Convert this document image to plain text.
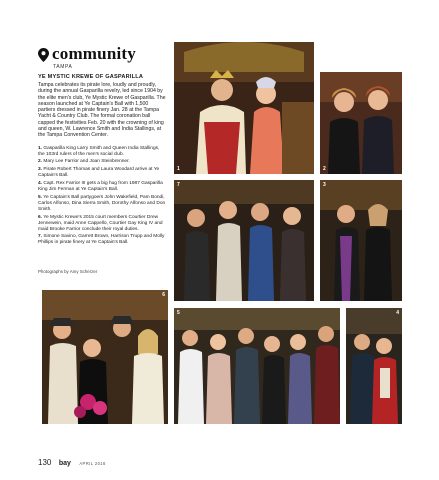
community
TAMPA
YE MYSTIC KREWE OF GASPARILLA
Tampa celebrates its pirate lore, loudly and proudly, during the annual Gasparilla revelry, led since 1904 by the elite men's club, Ye Mystic Krewe of Gasparilla. The season launched at Ye Captain's Ball with 1,500 partiers dressed in pirate finery Jan. 28 at the Tampa Yacht & Country Club. The formal coronation ball capped the festivities Feb. 20 with the crowning of king and queen, W. Lawrence Smith and India Stallings, at the Tampa Convention Center.
1. Gasparilla King Larry Smith and Queen India Stallings, the 103rd rulers of the men's social club.
2. Mary Lee Farrior and Joan Steinbrenner.
3. Pirate Robert Thomas and Laura Woodard arrive at Ye Captain's Ball.
4. Capt. Rex Farrior III gets a big hug from 1987 Gasparilla King Jim Ferman at Ye Captain's Ball.
5. Ye Captain's Ball partygoers John Wakefield, Pam Bondi, Carlos Alfonso, Dina Sierra Smith, Dorothy Alfonso and Don Smith.
6. Ye Mystic Krewe's 2015 court members Courtier Drew Jennewein, maid Anne Cappello, Courtier Gay King IV and maid Brooke Farrior conclude their royal duties.
7. Simone Savino, Garrett Brown, Harrison Trupp and Molly Phillips in pirate finery at Ye Captain's Ball.
Photographs by Amy Scherzer
1	2
7	3
6
5	4
130 bay APRIL 2016
